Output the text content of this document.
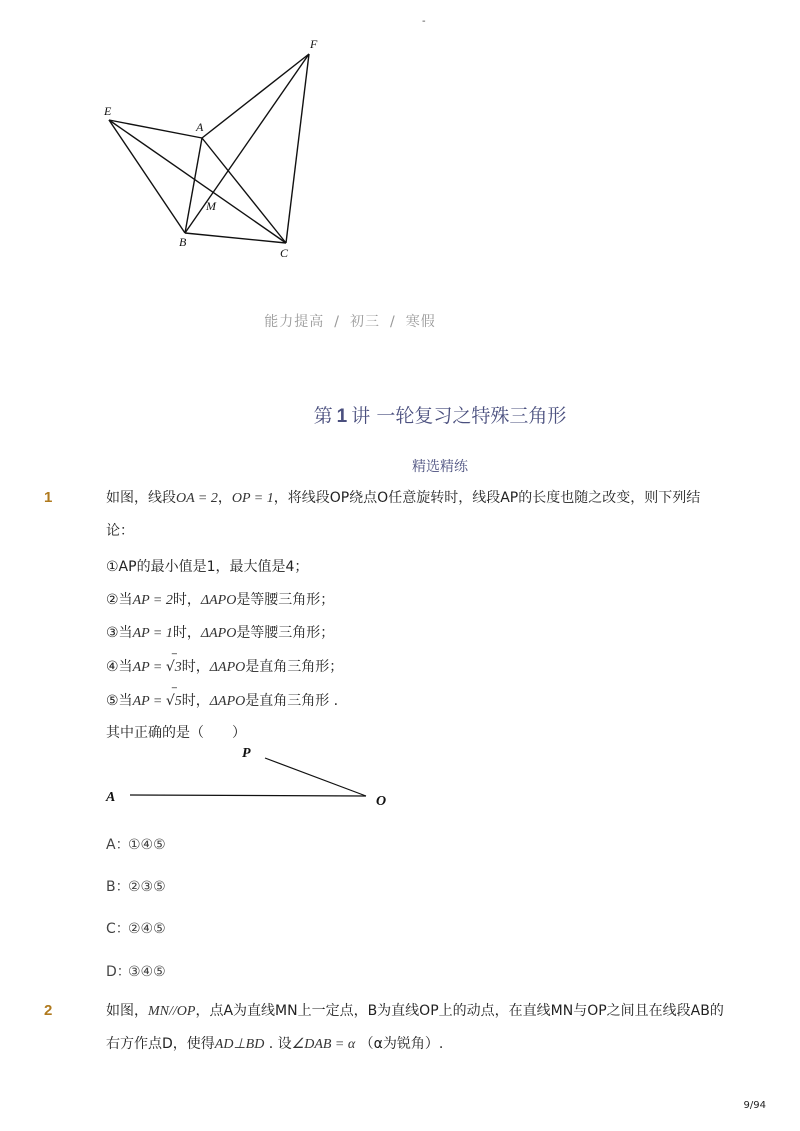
-
E
A
F
M
B
C
能力提高 / 初三 / 寒假
第 1 讲 一轮复习之特殊三角形
精选精练
1	如图，线段OA = 2，OP = 1，将线段OP绕点O任意旋转时，线段AP的长度也随之改变，则下列结论：
①AP的最小值是1，最大值是4；
②当AP = 2时，ΔAPO是等腰三角形；
③当AP = 1时，ΔAPO是等腰三角形；
④当AP = √
‾
3时，ΔAPO是直角三角形；
⑤当AP = √
‾
5时，ΔAPO是直角三角形 .
其中正确的是（　　）
P
A	O
A：①④⑤
B：②③⑤
C：②④⑤
D：③④⑤
2	如图，MN//OP，点A为直线MN上一定点，B为直线OP上的动点，在直线MN与OP之间且在线段AB的右方作点D，使得AD⊥BD . 设∠DAB = α （α为锐角）.
9/94
